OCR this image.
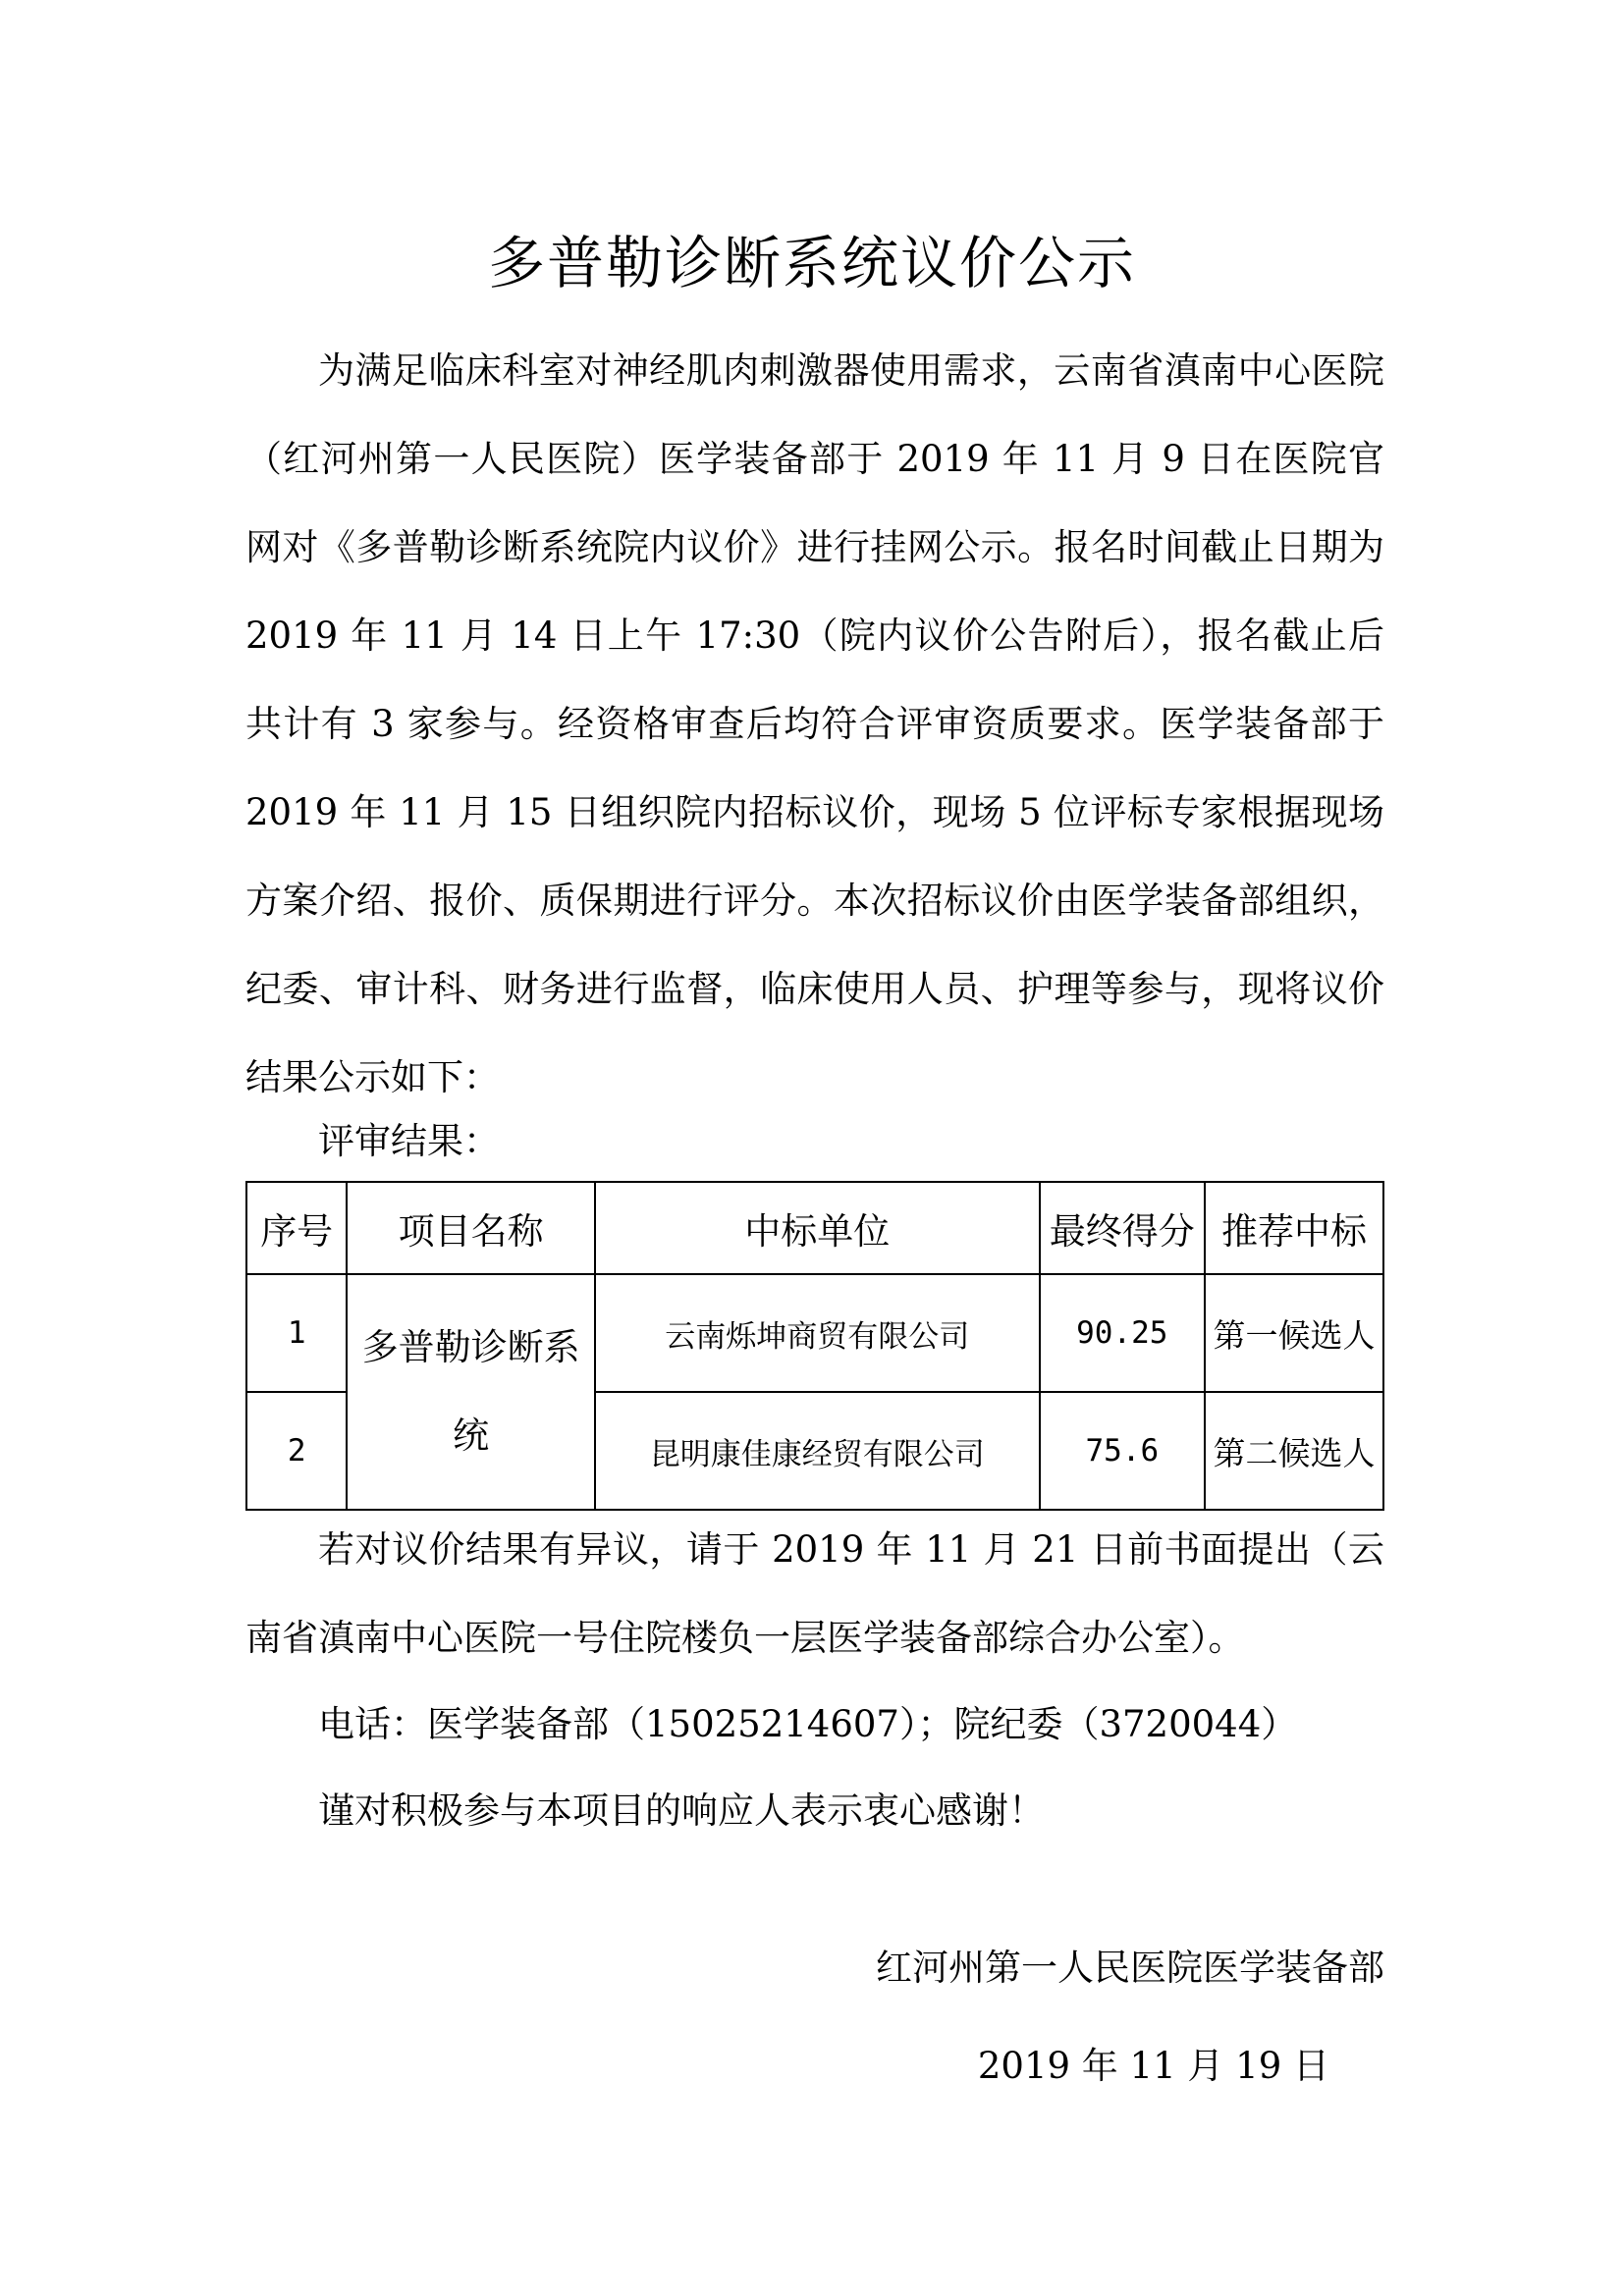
多普勒诊断系统议价公示

为满足临床科室对神经肌肉刺激器使用需求，云南省滇南中心医院（红河州第一人民医院）医学装备部于 2019 年 11 月 9 日在医院官网对《多普勒诊断系统院内议价》进行挂网公示。报名时间截止日期为 2019 年 11 月 14 日上午 17:30（院内议价公告附后），报名截止后共计有 3 家参与。经资格审查后均符合评审资质要求。医学装备部于 2019 年 11 月 15 日组织院内招标议价，现场 5 位评标专家根据现场方案介绍、报价、质保期进行评分。本次招标议价由医学装备部组织，纪委、审计科、财务进行监督，临床使用人员、护理等参与，现将议价结果公示如下：

评审结果：

序号	项目名称	中标单位	最终得分	推荐中标
1	多普勒诊断系统	云南烁坤商贸有限公司	90.25	第一候选人
2		昆明康佳康经贸有限公司	75.6	第二候选人

若对议价结果有异议，请于 2019 年 11 月 21 日前书面提出（云南省滇南中心医院一号住院楼负一层医学装备部综合办公室）。

电话：医学装备部（15025214607）；院纪委（3720044）

谨对积极参与本项目的响应人表示衷心感谢！

红河州第一人民医院医学装备部
2019 年 11 月 19 日
